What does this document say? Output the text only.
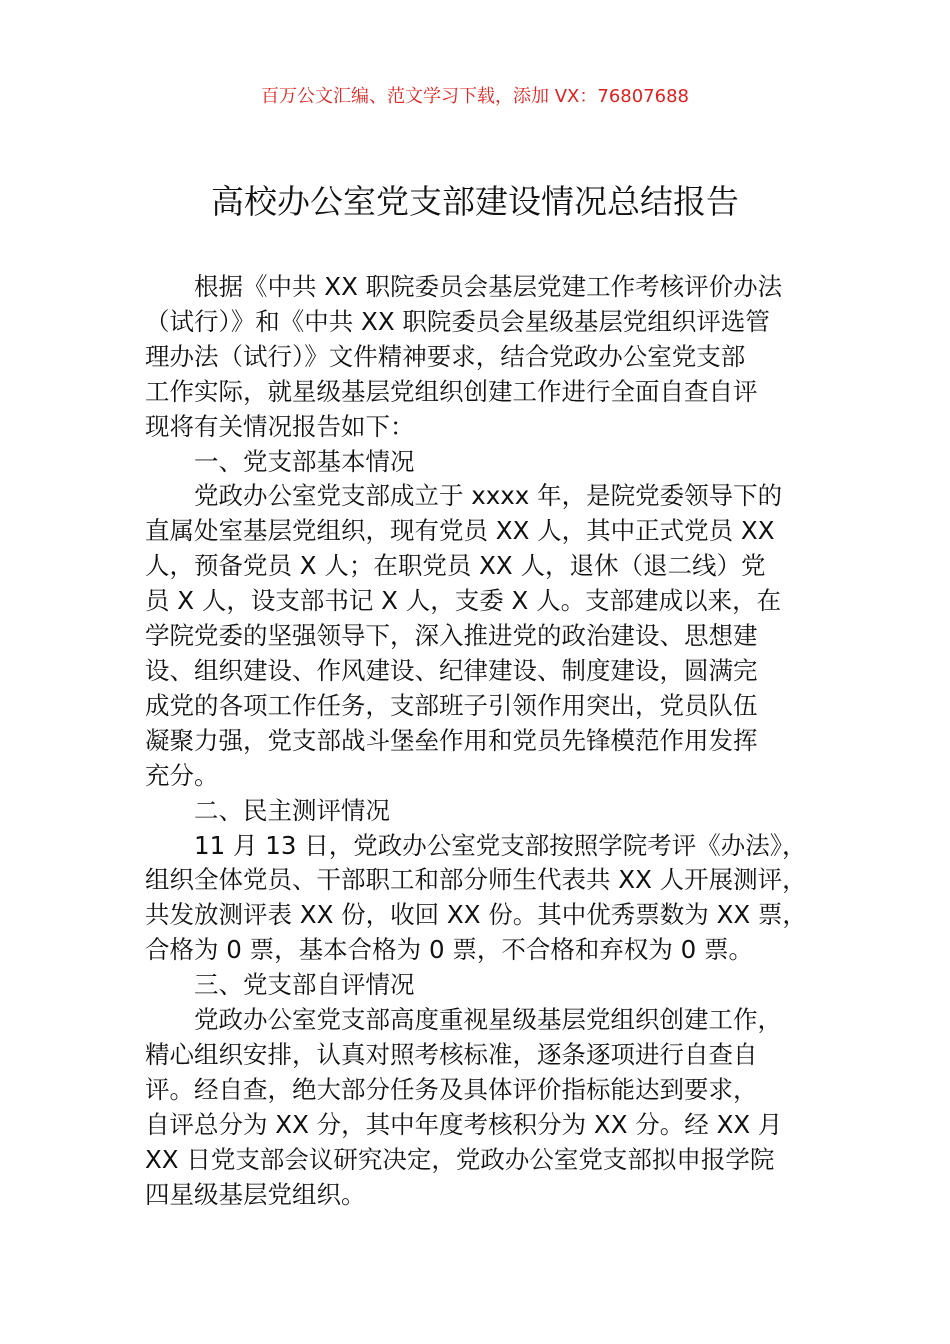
百万公文汇编、范文学习下载，添加 VX：76807688
高校办公室党支部建设情况总结报告

根据《中共 XX 职院委员会基层党建工作考核评价办法
（试行）》和《中共 XX 职院委员会星级基层党组织评选管
理办法（试行）》文件精神要求，结合党政办公室党支部
工作实际，就星级基层党组织创建工作进行全面自查自评
现将有关情况报告如下：

一、党支部基本情况

党政办公室党支部成立于 xxxx 年，是院党委领导下的
直属处室基层党组织，现有党员 XX 人，其中正式党员 XX
人，预备党员 X 人；在职党员 XX 人，退休（退二线）党
员 X 人，设支部书记 X 人，支委 X 人。支部建成以来，在
学院党委的坚强领导下，深入推进党的政治建设、思想建
设、组织建设、作风建设、纪律建设、制度建设，圆满完
成党的各项工作任务，支部班子引领作用突出，党员队伍
凝聚力强，党支部战斗堡垒作用和党员先锋模范作用发挥
充分。

二、民主测评情况

11 月 13 日，党政办公室党支部按照学院考评《办法》，
组织全体党员、干部职工和部分师生代表共 XX 人开展测评，
共发放测评表 XX 份，收回 XX 份。其中优秀票数为 XX 票，
合格为 0 票，基本合格为 0 票，不合格和弃权为 0 票。

三、党支部自评情况

党政办公室党支部高度重视星级基层党组织创建工作，
精心组织安排，认真对照考核标准，逐条逐项进行自查自
评。经自查，绝大部分任务及具体评价指标能达到要求，
自评总分为 XX 分，其中年度考核积分为 XX 分。经 XX 月
XX 日党支部会议研究决定，党政办公室党支部拟申报学院
四星级基层党组织。
